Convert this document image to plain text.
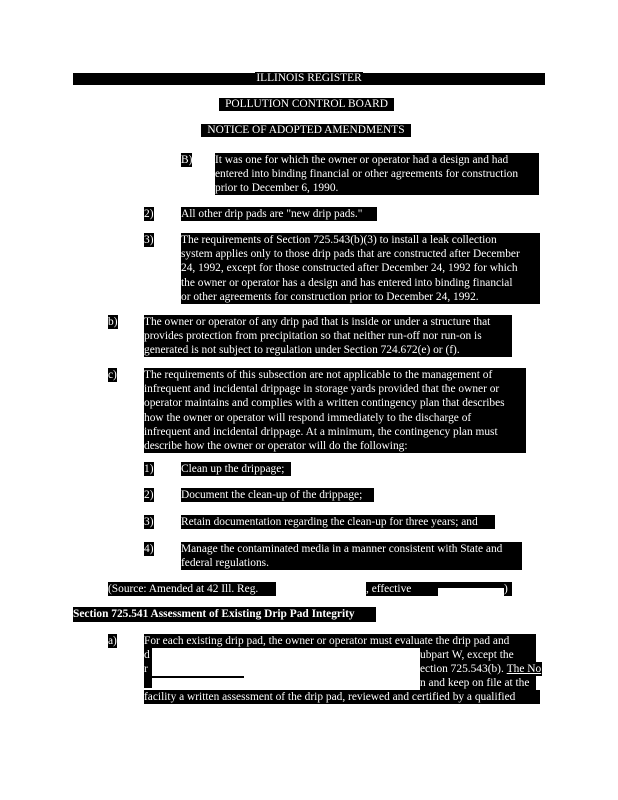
ILLINOIS REGISTER
POLLUTION CONTROL BOARD
NOTICE OF ADOPTED AMENDMENTS
B) It was one for which the owner or operator had a design and had
entered into binding financial or other agreements for construction
prior to December 6, 1990.
2) All other drip pads are "new drip pads."
3) The requirements of Section 725.543(b)(3) to install a leak collection
system applies only to those drip pads that are constructed after December
24, 1992, except for those constructed after December 24, 1992 for which
the owner or operator has a design and has entered into binding financial
or other agreements for construction prior to December 24, 1992.
b) The owner or operator of any drip pad that is inside or under a structure that
provides protection from precipitation so that neither run-off nor run-on is
generated is not subject to regulation under Section 724.672(e) or (f).
c) The requirements of this subsection are not applicable to the management of
infrequent and incidental drippage in storage yards provided that the owner or
operator maintains and complies with a written contingency plan that describes
how the owner or operator will respond immediately to the discharge of
infrequent and incidental drippage. At a minimum, the contingency plan must
describe how the owner or operator will do the following:
1) Clean up the drippage;
2) Document the clean-up of the drippage;
3) Retain documentation regarding the clean-up for three years; and
4) Manage the contaminated media in a manner consistent with State and
federal regulations.
(Source: Amended at 42 Ill. Reg.	, effective	)
Section 725.541 Assessment of Existing Drip Pad Integrity
a) For each existing drip pad, the owner or operator must evaluate the drip pad and
d	ubpart W, except the
r	ection 725.543(b). The No
n and keep on file at the
facility a written assessment of the drip pad, reviewed and certified by a qualified
